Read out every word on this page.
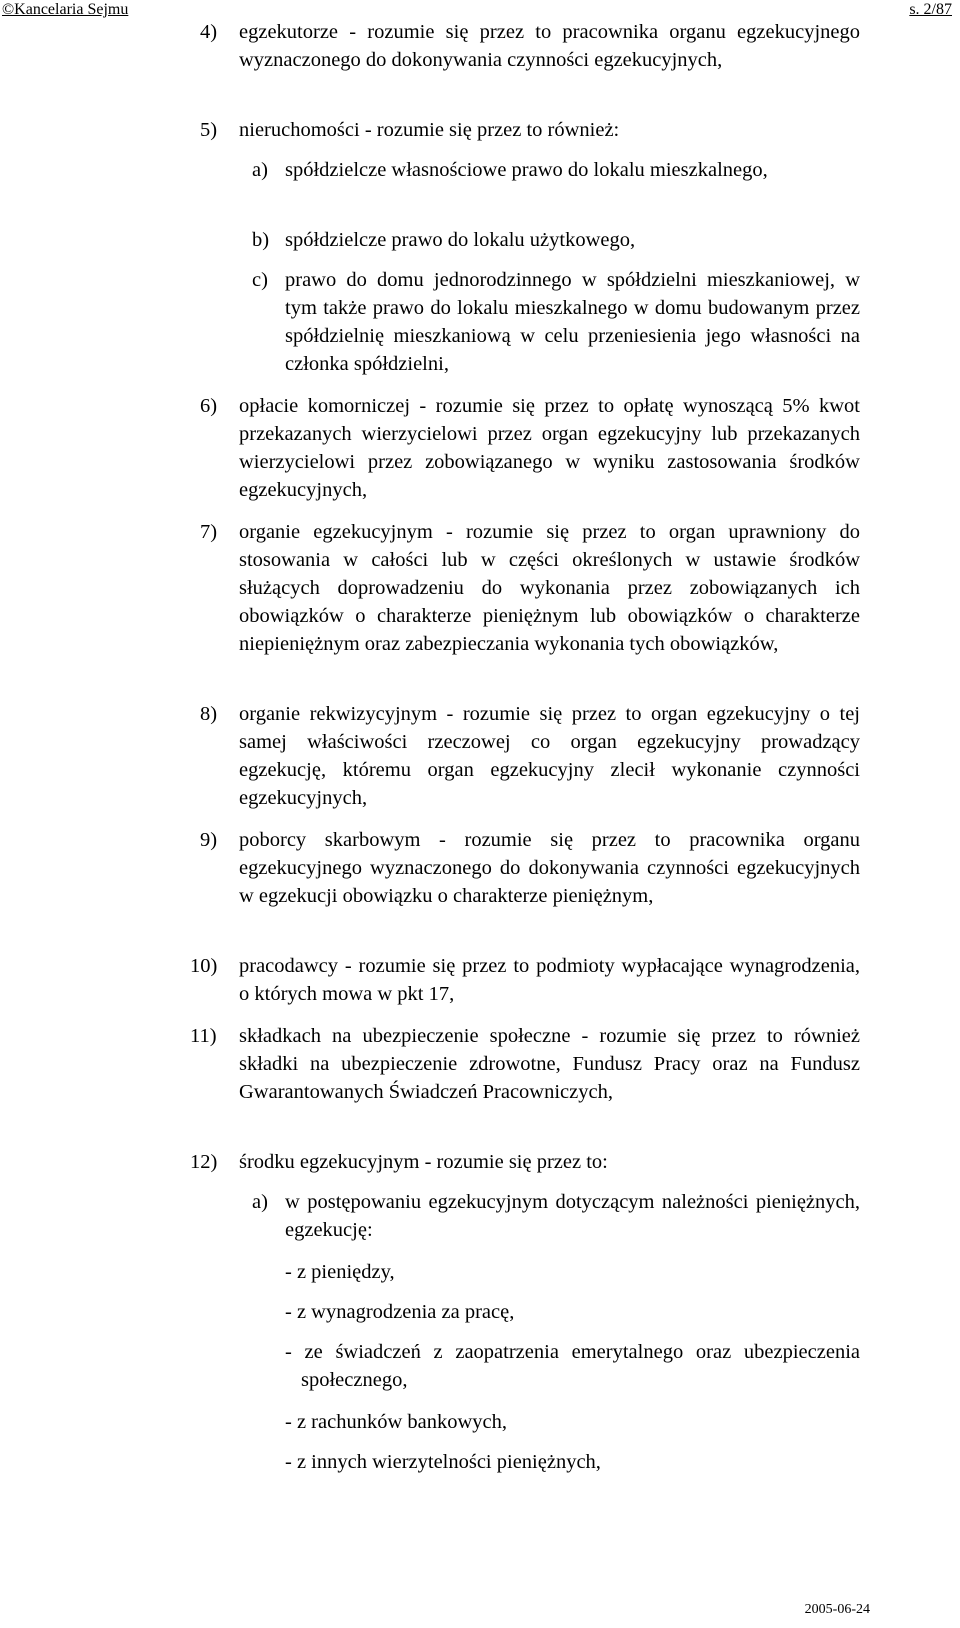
©Kancelaria Sejmu	s. 2/87
4) egzekutorze - rozumie się przez to pracownika organu egzekucyjnego wyznaczonego do dokonywania czynności egzekucyjnych,
5) nieruchomości - rozumie się przez to również:
a) spółdzielcze własnościowe prawo do lokalu mieszkalnego,
b) spółdzielcze prawo do lokalu użytkowego,
c) prawo do domu jednorodzinnego w spółdzielni mieszkaniowej, w tym także prawo do lokalu mieszkalnego w domu budowanym przez spółdzielnię mieszkaniową w celu przeniesienia jego własności na członka spółdzielni,
6) opłacie komorniczej - rozumie się przez to opłatę wynoszącą 5% kwot przekazanych wierzycielowi przez organ egzekucyjny lub przekazanych wierzycielowi przez zobowiązanego w wyniku zastosowania środków egzekucyjnych,
7) organie egzekucyjnym - rozumie się przez to organ uprawniony do stosowania w całości lub w części określonych w ustawie środków służących doprowadzeniu do wykonania przez zobowiązanych ich obowiązków o charakterze pieniężnym lub obowiązków o charakterze niepieniężnym oraz zabezpieczania wykonania tych obowiązków,
8) organie rekwizycyjnym - rozumie się przez to organ egzekucyjny o tej samej właściwości rzeczowej co organ egzekucyjny prowadzący egzekucję, któremu organ egzekucyjny zlecił wykonanie czynności egzekucyjnych,
9) poborcy skarbowym - rozumie się przez to pracownika organu egzekucyjnego wyznaczonego do dokonywania czynności egzekucyjnych w egzekucji obowiązku o charakterze pieniężnym,
10) pracodawcy - rozumie się przez to podmioty wypłacające wynagrodzenia, o których mowa w pkt 17,
11) składkach na ubezpieczenie społeczne - rozumie się przez to również składki na ubezpieczenie zdrowotne, Fundusz Pracy oraz na Fundusz Gwarantowanych Świadczeń Pracowniczych,
12) środku egzekucyjnym - rozumie się przez to:
a) w postępowaniu egzekucyjnym dotyczącym należności pieniężnych, egzekucję:
- z pieniędzy,
- z wynagrodzenia za pracę,
- ze świadczeń z zaopatrzenia emerytalnego oraz ubezpieczenia społecznego,
- z rachunków bankowych,
- z innych wierzytelności pieniężnych,
2005-06-24
